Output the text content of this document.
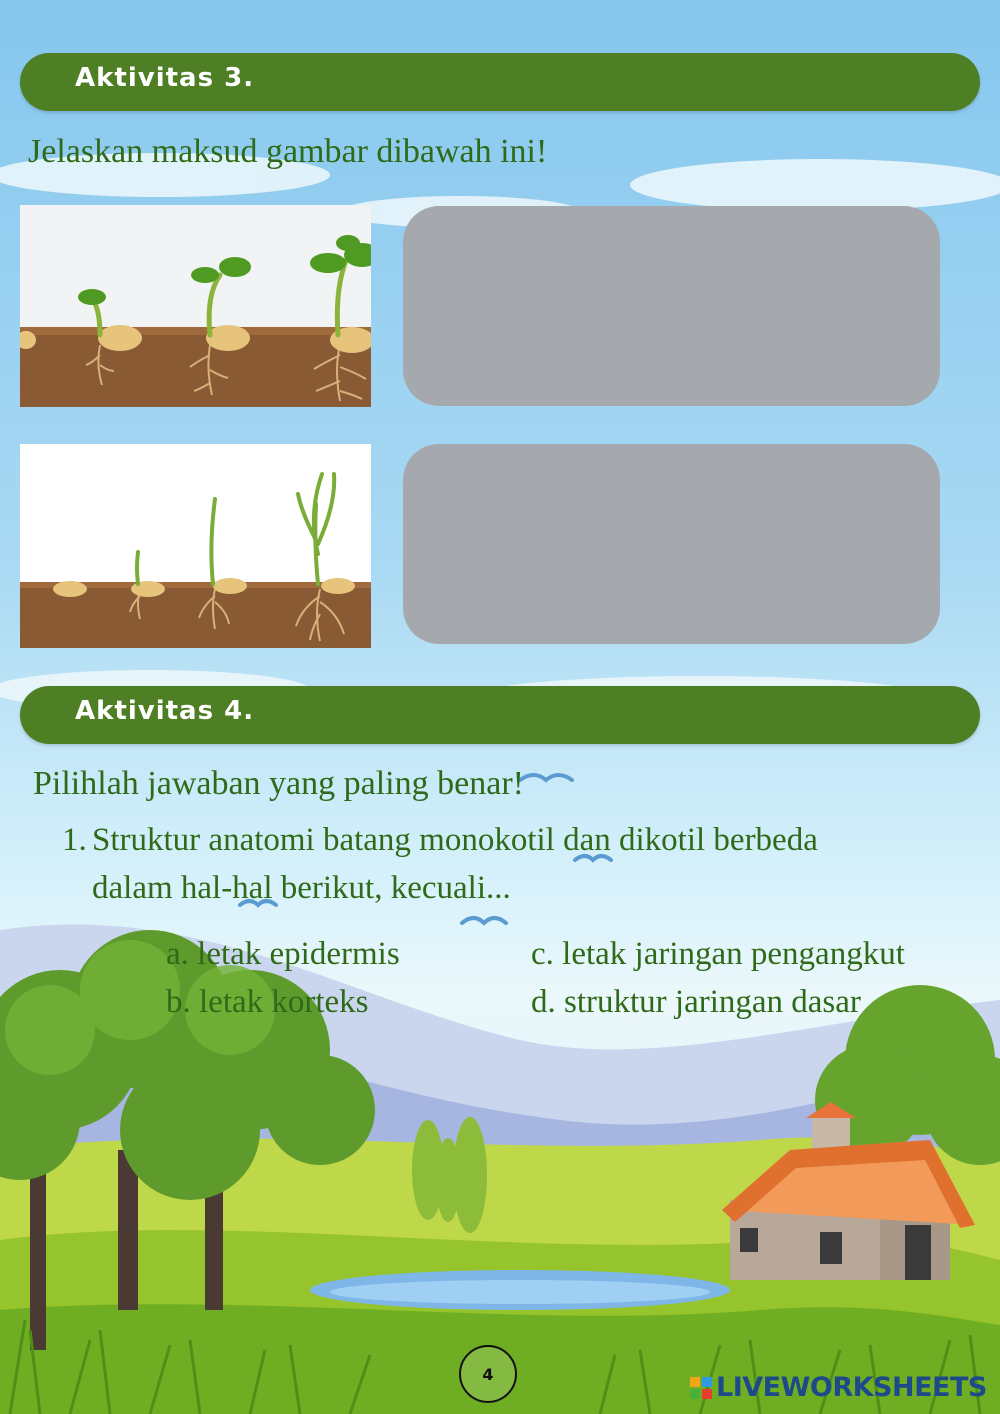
Aktivitas 3.
Jelaskan maksud gambar dibawah ini!
Aktivitas 4.
Pilihlah jawaban yang paling benar!
1. Struktur anatomi batang monokotil dan dikotil berbeda
dalam hal-hal berikut, kecuali...
a. letak epidermis
b. letak korteks
c. letak jaringan pengangkut
d. struktur jaringan dasar
4	LIVEWORKSHEETS
